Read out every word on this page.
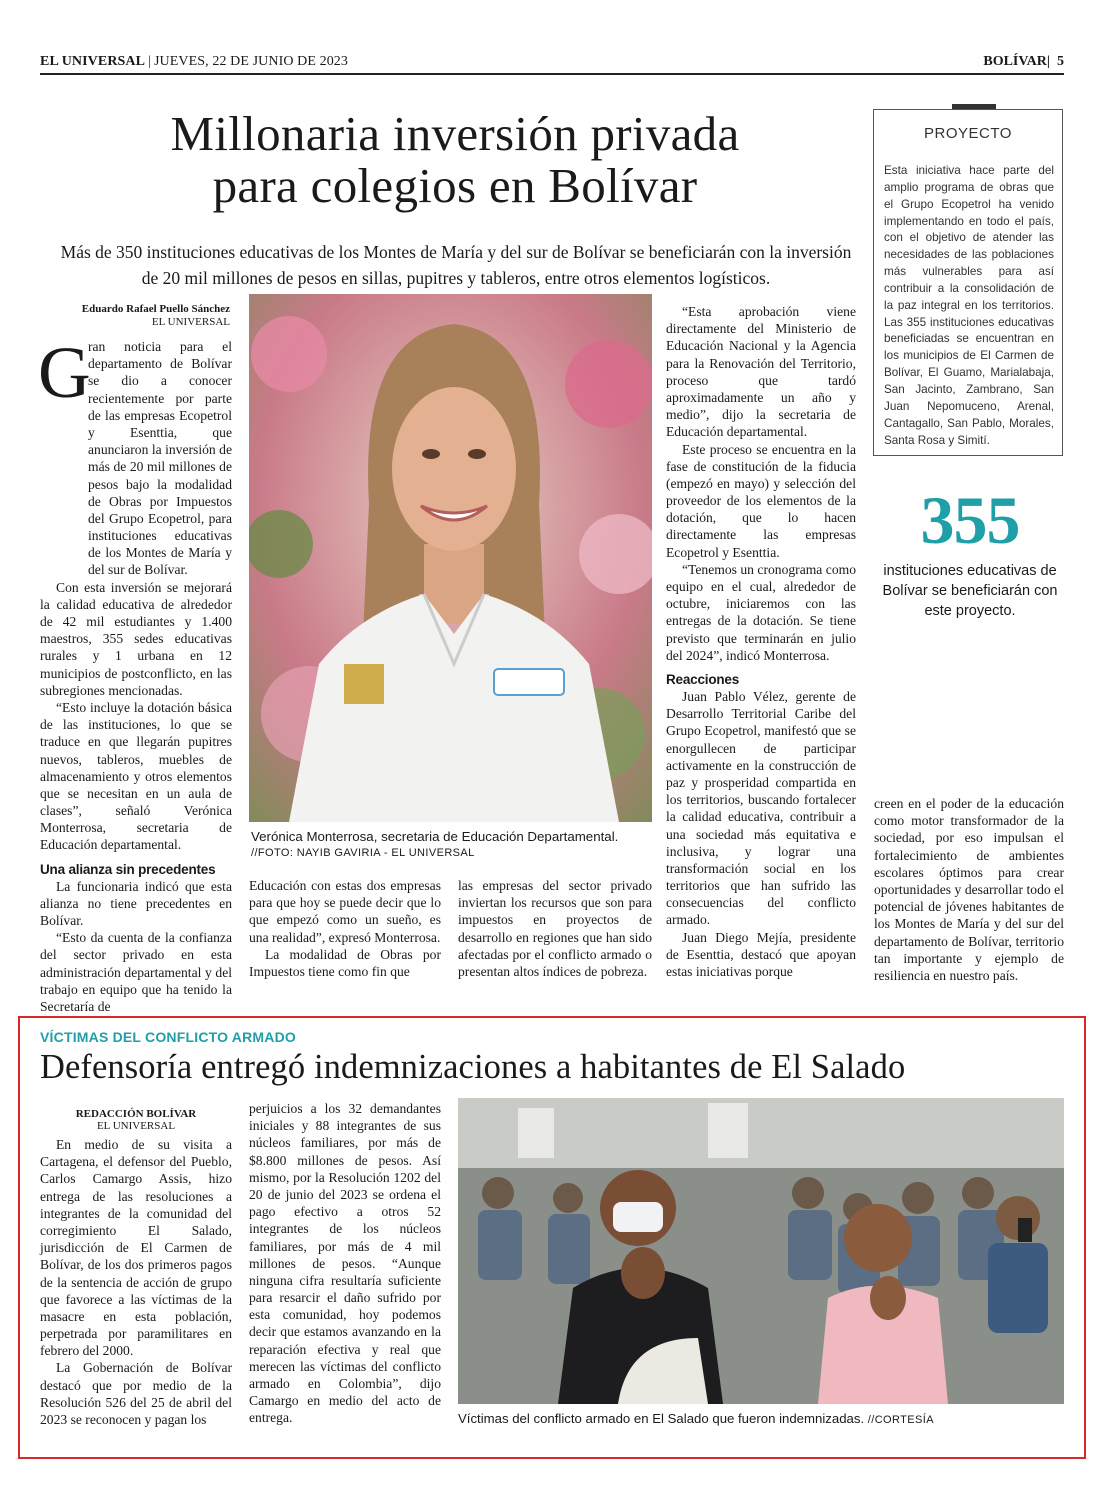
EL UNIVERSAL | JUEVES, 22 DE JUNIO DE 2023	BOLÍVAR|  5
Millonaria inversión privada
para colegios en Bolívar
Más de 350 instituciones educativas de los Montes de María y del sur de Bolívar se beneficiarán con la inversión de 20 mil millones de pesos en sillas, pupitres y tableros, entre otros elementos logísticos.
PROYECTO
Esta iniciativa hace parte del amplio programa de obras que el Grupo Ecopetrol ha venido implementando en todo el país, con el objetivo de atender las necesidades de las poblaciones más vulnerables para así contribuir a la consolidación de la paz integral en los territorios. Las 355 instituciones educativas beneficiadas se encuentran en los municipios de El Carmen de Bolívar, El Guamo, Marialabaja, San Jacinto, Zambrano, San Juan Nepomuceno, Arenal, Cantagallo, San Pablo, Morales, Santa Rosa y Simití.
355
instituciones educativas de Bolívar se beneficiarán con este proyecto.
Eduardo Rafael Puello Sánchez
EL UNIVERSAL
G

ran noticia para el departamento de Bolívar se dio a conocer recientemente por parte de las empresas Ecopetrol y Esenttia, que anunciaron la inversión de más de 20 mil millones de pesos bajo la modalidad de Obras por Impuestos del Grupo Ecopetrol, para instituciones educativas de los Montes de María y del sur de Bolívar.

Con esta inversión se mejorará la calidad educativa de alrededor de 42 mil estudiantes y 1.400 maestros, 355 sedes educativas rurales y 1 urbana en 12 municipios de postconflicto, en las subregiones mencionadas.

“Esto incluye la dotación básica de las instituciones, lo que se traduce en que llegarán pupitres nuevos, tableros, muebles de almacenamiento y otros elementos que se necesitan en un aula de clases”, señaló Verónica Monterrosa, secretaria de Educación departamental.

Una alianza sin precedentes

La funcionaria indicó que esta alianza no tiene precedentes en Bolívar.

“Esto da cuenta de la confianza del sector privado en esta administración departamental y del trabajo en equipo que ha tenido la Secretaría de

Verónica Monterrosa, secretaria de Educación Departamental.
//FOTO: NAYIB GAVIRIA - EL UNIVERSAL

Educación con estas dos empresas para que hoy se puede decir que lo que empezó como un sueño, es una realidad”, expresó Monterrosa.

La modalidad de Obras por Impuestos tiene como fin que

las empresas del sector privado inviertan los recursos que son para impuestos en proyectos de desarrollo en regiones que han sido afectadas por el conflicto armado o presentan altos índices de pobreza.

“Esta aprobación viene directamente del Ministerio de Educación Nacional y la Agencia para la Renovación del Territorio, proceso que tardó aproximadamente un año y medio”, dijo la secretaria de Educación departamental.

Este proceso se encuentra en la fase de constitución de la fiducia (empezó en mayo) y selección del proveedor de los elementos de la dotación, que lo hacen directamente las empresas Ecopetrol y Esenttia.

“Tenemos un cronograma como equipo en el cual, alrededor de octubre, iniciaremos con las entregas de la dotación. Se tiene previsto que terminarán en julio del 2024”, indicó Monterrosa.

Reacciones

Juan Pablo Vélez, gerente de Desarrollo Territorial Caribe del Grupo Ecopetrol, manifestó que se enorgullecen de participar activamente en la construcción de paz y prosperidad compartida en los territorios, buscando fortalecer la calidad educativa, contribuir a una sociedad más equitativa e inclusiva, y lograr una transformación social en los territorios que han sufrido las consecuencias del conflicto armado.

Juan Diego Mejía, presidente de Esenttia, destacó que apoyan estas iniciativas porque

creen en el poder de la educación como motor transformador de la sociedad, por eso impulsan el fortalecimiento de ambientes escolares óptimos para crear oportunidades y desarrollar todo el potencial de jóvenes habitantes de los Montes de María y del sur del departamento de Bolívar, territorio tan importante y ejemplo de resiliencia en nuestro país.

VÍCTIMAS DEL CONFLICTO ARMADO
Defensoría entregó indemnizaciones a habitantes de El Salado
REDACCIÓN BOLÍVAR
EL UNIVERSAL

En medio de su visita a Cartagena, el defensor del Pueblo, Carlos Camargo Assis, hizo entrega de las resoluciones a integrantes de la comunidad del corregimiento El Salado, jurisdicción de El Carmen de Bolívar, de los dos primeros pagos de la sentencia de acción de grupo que favorece a las víctimas de la masacre en esta población, perpetrada por paramilitares en febrero del 2000.

La Gobernación de Bolívar destacó que por medio de la Resolución 526 del 25 de abril del 2023 se reconocen y pagan los

perjuicios a los 32 demandantes iniciales y 88 integrantes de sus núcleos familiares, por más de $8.800 millones de pesos. Así mismo, por la Resolución 1202 del 20 de junio del 2023 se ordena el pago efectivo a otros 52 integrantes de los núcleos familiares, por más de 4 mil millones de pesos. “Aunque ninguna cifra resultaría suficiente para resarcir el daño sufrido por esta comunidad, hoy podemos decir que estamos avanzando en la reparación efectiva y real que merecen las víctimas del conflicto armado en Colombia”, dijo Camargo en medio del acto de entrega.	Víctimas del conflicto armado en El Salado que fueron indemnizadas. //CORTESÍA
